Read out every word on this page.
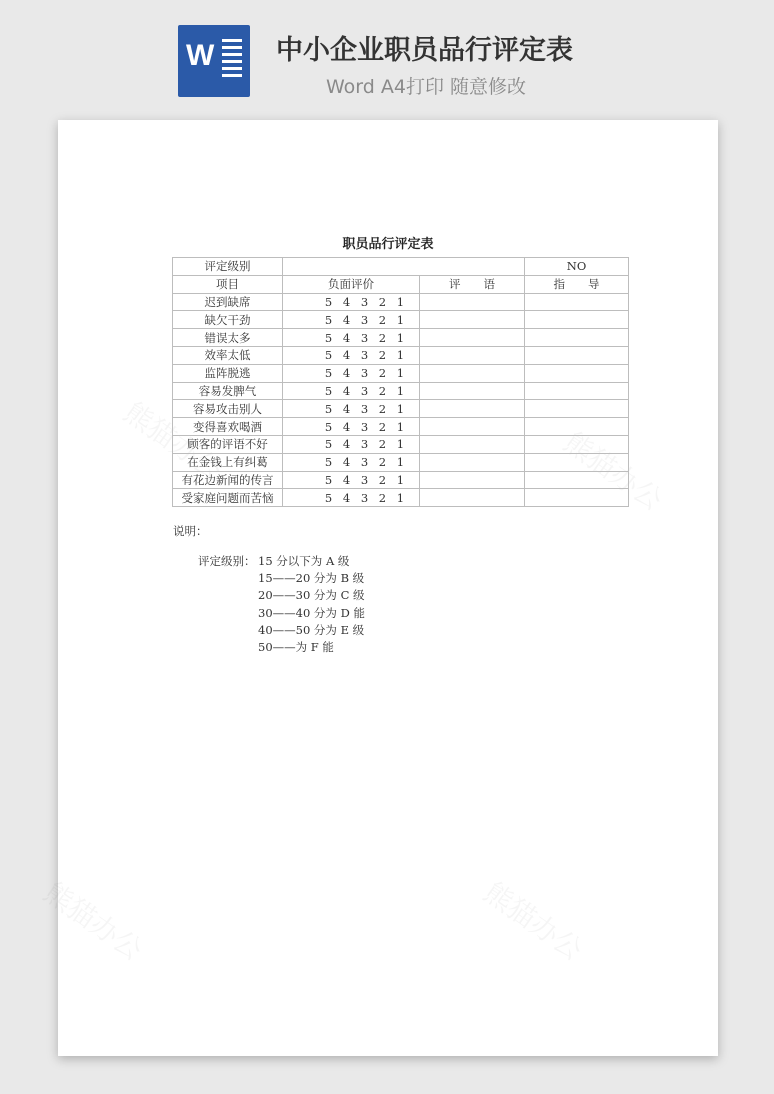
W 中小企业职员品行评定表
Word A4打印 随意修改
职员品行评定表
评定级别			NO
项目	负面评价	评　　语	指　　导
迟到缺席	5 4 3 2 1		
缺欠干劲	5 4 3 2 1		
错误太多	5 4 3 2 1		
效率太低	5 4 3 2 1		
监阵脱逃	5 4 3 2 1		
容易发脾气	5 4 3 2 1		
容易攻击别人	5 4 3 2 1		
变得喜欢喝酒	5 4 3 2 1		
顾客的评语不好	5 4 3 2 1		
在金钱上有纠葛	5 4 3 2 1		
有花边新闻的传言	5 4 3 2 1		
受家庭问题而苦恼	5 4 3 2 1		
说明：
评定级别： 15 分以下为 A 级
15——20 分为 B 级
20——30 分为 C 级
30——40 分为 D 能
40——50 分为 E 级
50——为 F 能
